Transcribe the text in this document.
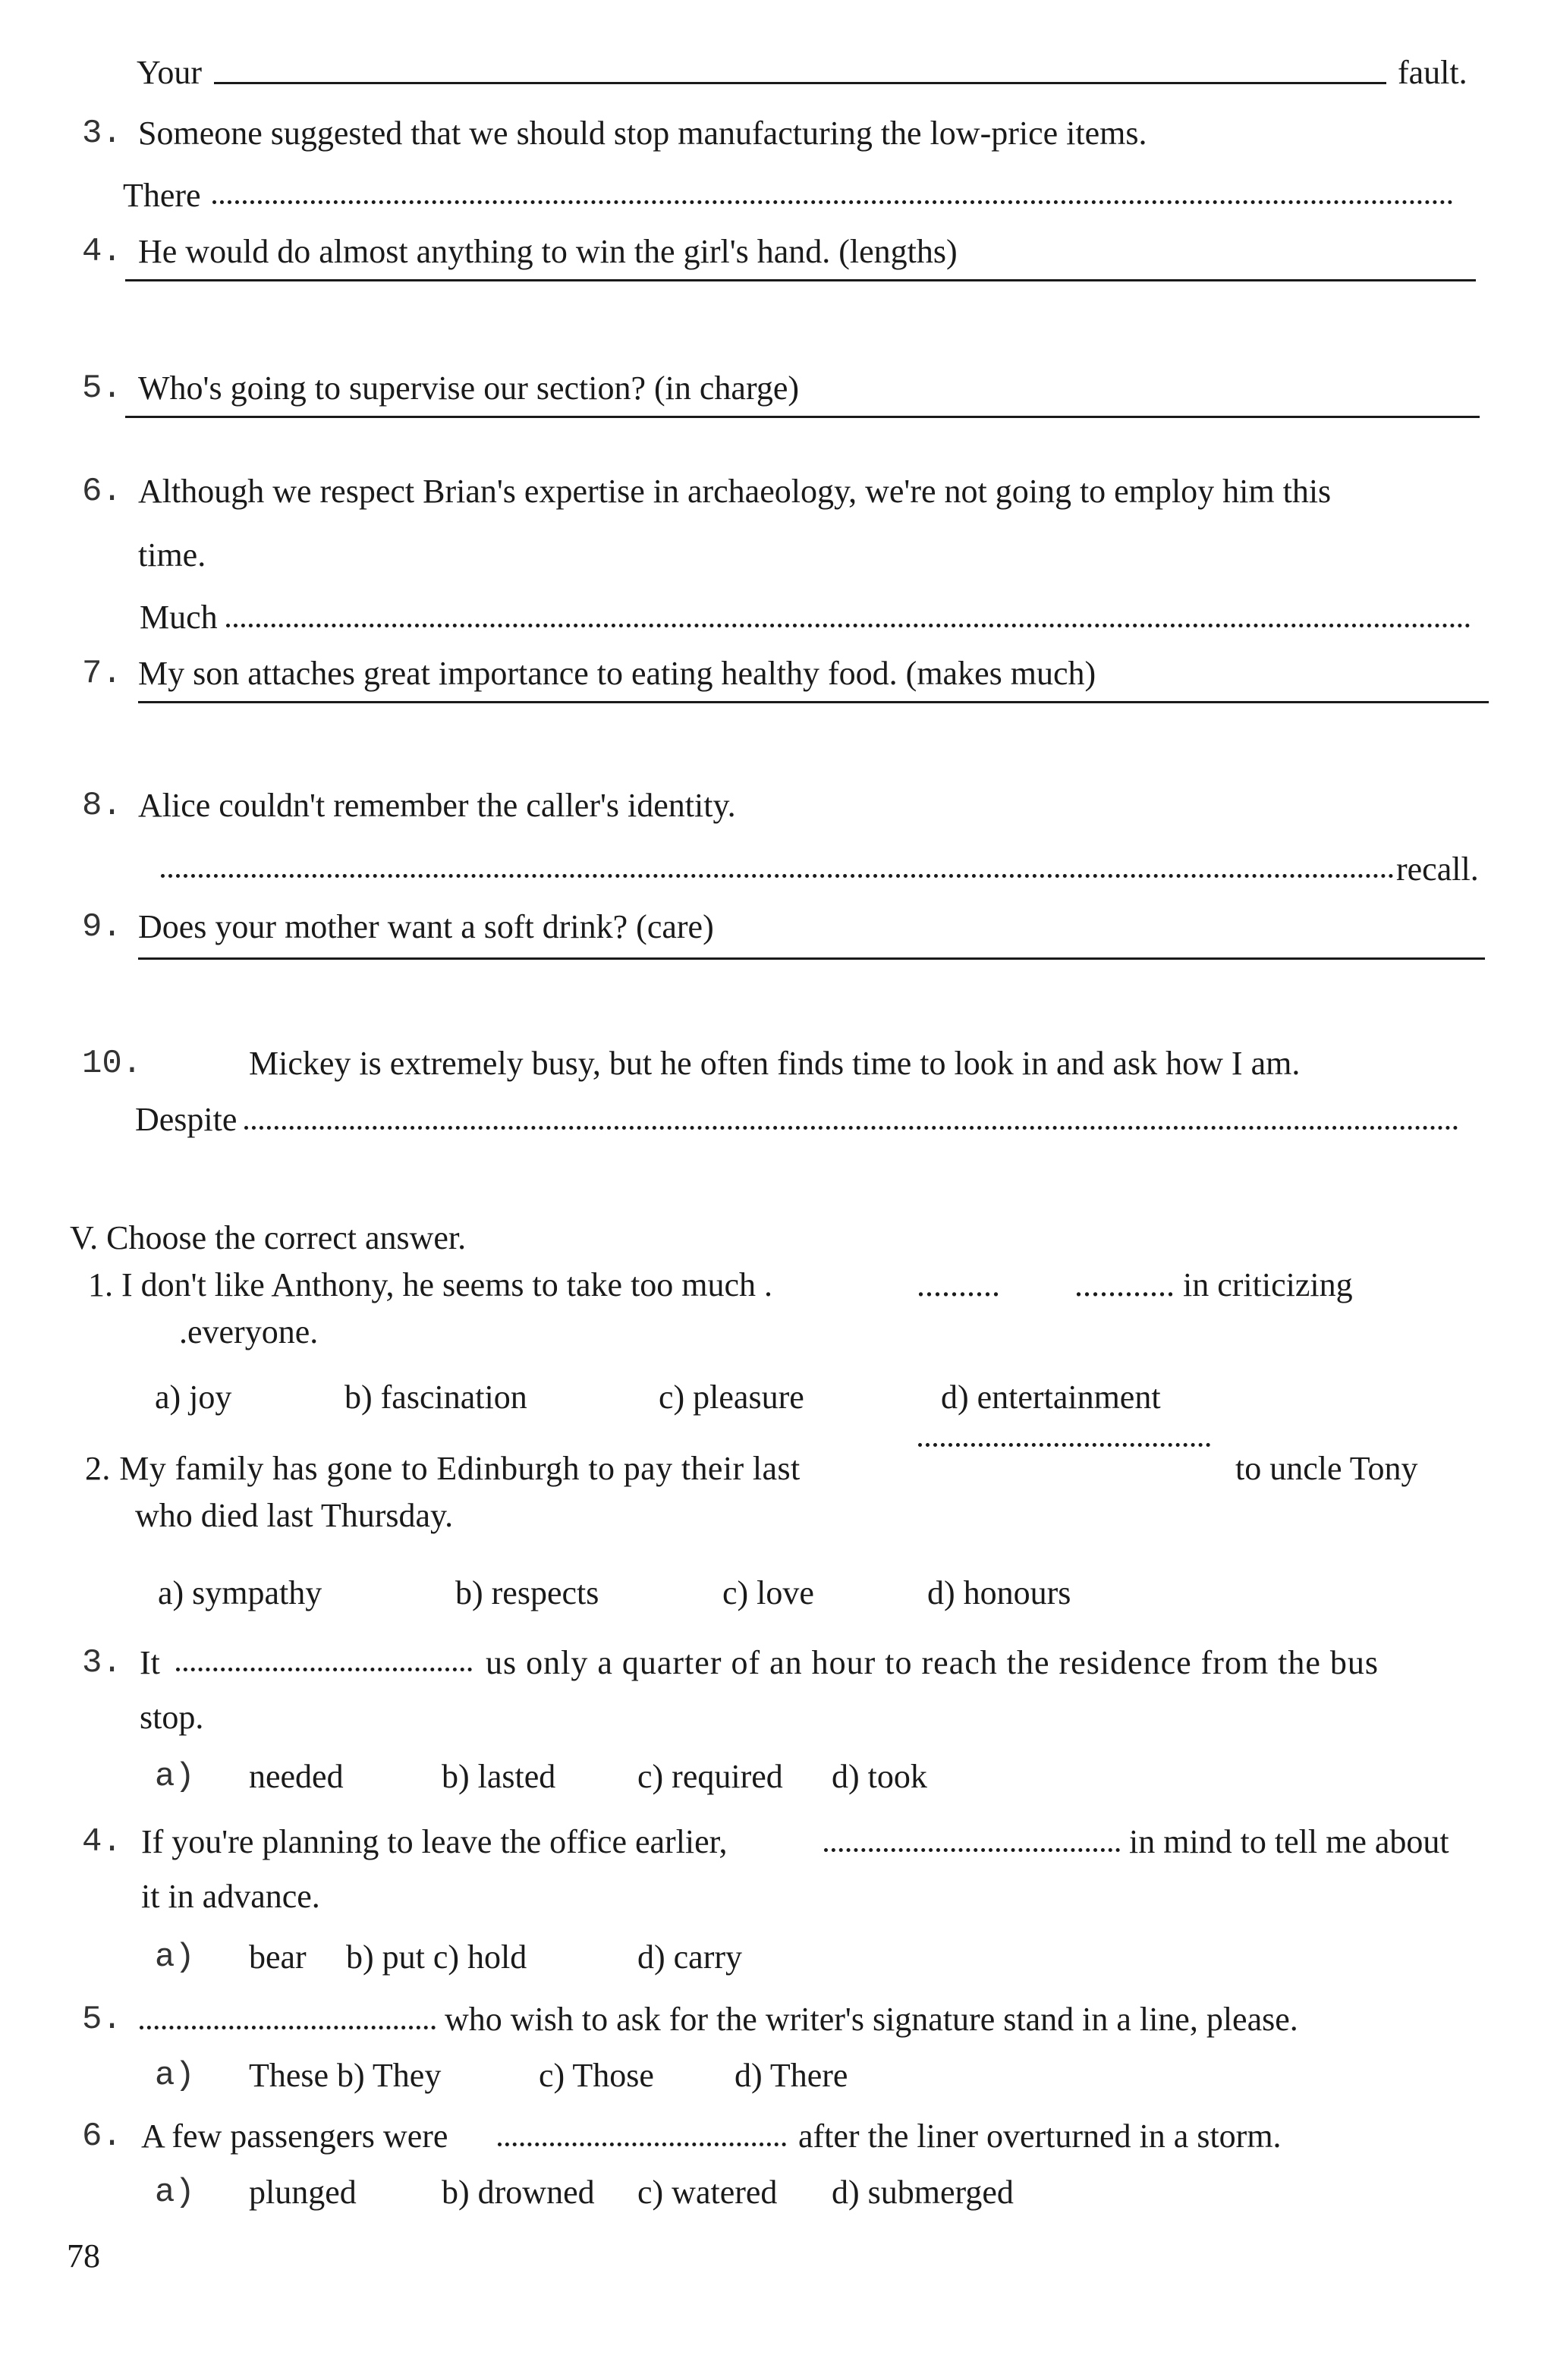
Your	fault.
3. Someone suggested that we should stop manufacturing the low-price items.
There
4. He would do almost anything to win the girl's hand. (lengths)
5. Who's going to supervise our section? (in charge)
6. Although we respect Brian's expertise in archaeology, we're not going to employ him this
time.
Much
7. My son attaches great importance to eating healthy food. (makes much)
8. Alice couldn't remember the caller's identity.
recall.
9. Does your mother want a soft drink? (care)
10.	Mickey is extremely busy, but he often finds time to look in and ask how I am.
Despite
V. Choose the correct answer.
1. I don't like Anthony, he seems to take too much .	.......... ............ in criticizing
.everyone.
a) joy	b) fascination	c) pleasure	d) entertainment
2. My family has gone to Edinburgh to pay their last	to uncle Tony
who died last Thursday.
a) sympathy	b) respects	c) love	d) honours
3. It	us only a quarter of an hour to reach the residence from the bus
stop.
a) needed	b) lasted c) required d) took
4. If you're planning to leave the office earlier,	in mind to tell me about
it in advance.
a) bear b) put c) hold	d) carry
5.	who wish to ask for the writer's signature stand in a line, please.
a) These b) They	c) Those d) There
6. A few passengers were	after the liner overturned in a storm.
a) plunged	b) drowned c) watered d) submerged
78
